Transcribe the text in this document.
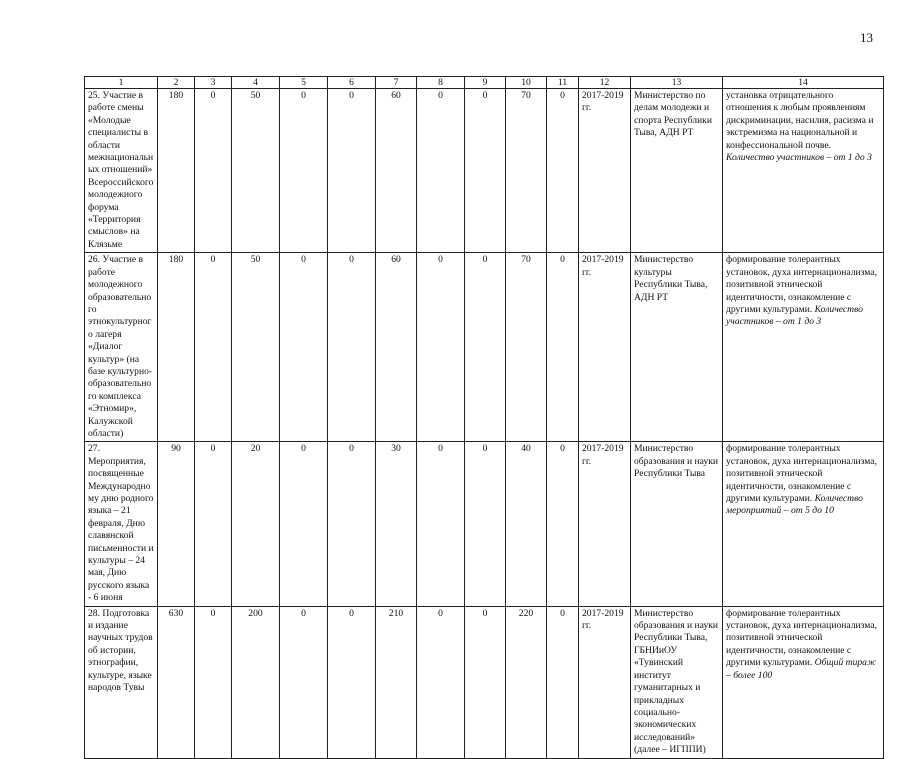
13
1	2	3	4	5	6	7	8	9	10	11	12	13	14
25. Участие в работе смены «Молодые специалисты в области межнациональных отношений» Всероссийского молодежного форума «Территория смыслов» на Клязьме	180	0	50	0	0	60	0	0	70	0	2017-2019 гг.	Министерство по делам молодежи и спорта Республики Тыва, АДН РТ	установка отрицательного отношения к любым проявлениям дискриминации, насилия, расизма и экстремизма на национальной и конфессиональной почве. Количество участников – от 1 до 3
26. Участие в работе молодежного образовательного этнокультурного лагеря «Диалог культур» (на базе культурно-образовательного комплекса «Этномир», Калужской области)	180	0	50	0	0	60	0	0	70	0	2017-2019 гг.	Министерство культуры Республики Тыва, АДН РТ	формирование толерантных установок, духа интернационализма, позитивной этнической идентичности, ознакомление с другими культурами. Количество участников – от 1 до 3
27. Мероприятия, посвященные Международному дню родного языка – 21 февраля, Дню славянской письменности и культуры – 24 мая, Дню русского языка - 6 июня	90	0	20	0	0	30	0	0	40	0	2017-2019 гг.	Министерство образования и науки Республики Тыва	формирование толерантных установок, духа интернационализма, позитивной этнической идентичности, ознакомление с другими культурами. Количество мероприятий – от 5 до 10
28. Подготовка и издание научных трудов об истории, этнографии, культуре, языке народов Тувы	630	0	200	0	0	210	0	0	220	0	2017-2019 гг.	Министерство образования и науки Республики Тыва, ГБНИиОУ «Тувинский институт гуманитарных и прикладных социально-экономических исследований» (далее – ИГППИ)	формирование толерантных установок, духа интернационализма, позитивной этнической идентичности, ознакомление с другими культурами. Общий тираж – более 100
